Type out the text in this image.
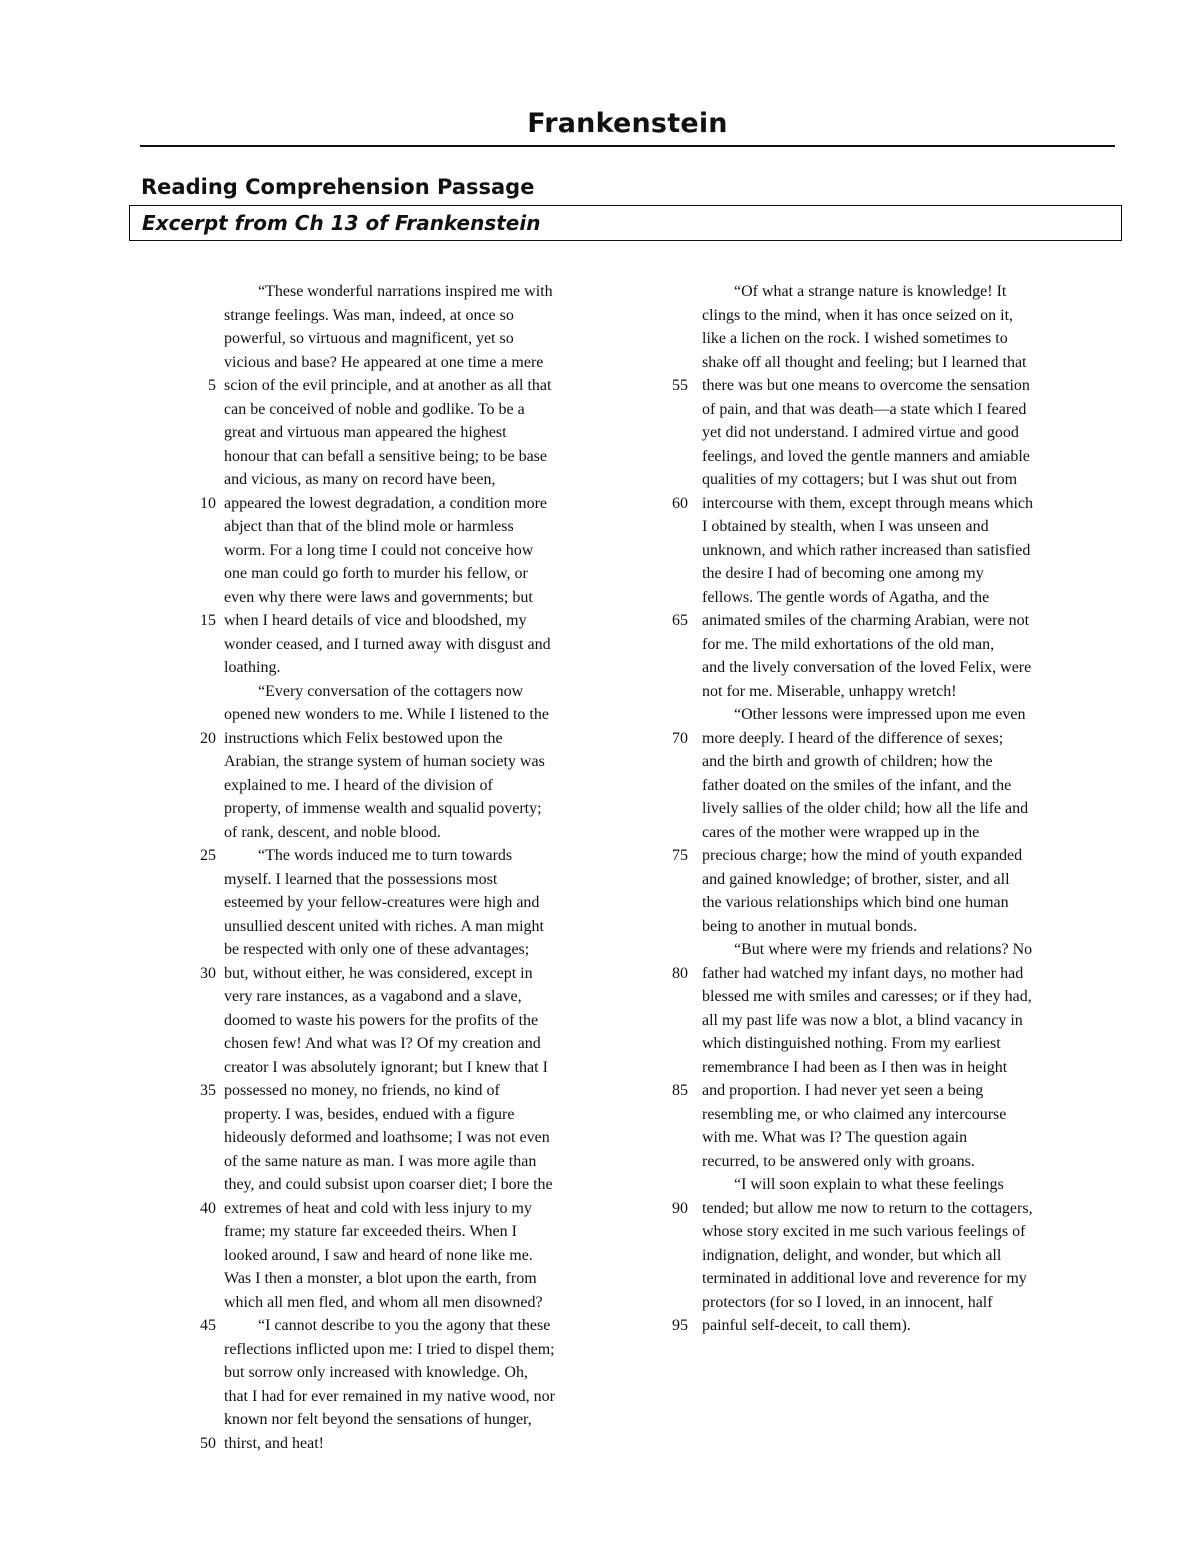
Frankenstein
Reading Comprehension Passage
Excerpt from Ch 13 of Frankenstein
“These wonderful narrations inspired me with
strange feelings. Was man, indeed, at once so
powerful, so virtuous and magnificent, yet so
vicious and base? He appeared at one time a mere
5 scion of the evil principle, and at another as all that
can be conceived of noble and godlike. To be a
great and virtuous man appeared the highest
honour that can befall a sensitive being; to be base
and vicious, as many on record have been,
10 appeared the lowest degradation, a condition more
abject than that of the blind mole or harmless
worm. For a long time I could not conceive how
one man could go forth to murder his fellow, or
even why there were laws and governments; but
15 when I heard details of vice and bloodshed, my
wonder ceased, and I turned away with disgust and
loathing.
“Every conversation of the cottagers now
opened new wonders to me. While I listened to the
20 instructions which Felix bestowed upon the
Arabian, the strange system of human society was
explained to me. I heard of the division of
property, of immense wealth and squalid poverty;
of rank, descent, and noble blood.
25	“The words induced me to turn towards
myself. I learned that the possessions most
esteemed by your fellow-creatures were high and
unsullied descent united with riches. A man might
be respected with only one of these advantages;
30 but, without either, he was considered, except in
very rare instances, as a vagabond and a slave,
doomed to waste his powers for the profits of the
chosen few! And what was I? Of my creation and
creator I was absolutely ignorant; but I knew that I
35 possessed no money, no friends, no kind of
property. I was, besides, endued with a figure
hideously deformed and loathsome; I was not even
of the same nature as man. I was more agile than
they, and could subsist upon coarser diet; I bore the
40 extremes of heat and cold with less injury to my
frame; my stature far exceeded theirs. When I
looked around, I saw and heard of none like me.
Was I then a monster, a blot upon the earth, from
which all men fled, and whom all men disowned?
45	“I cannot describe to you the agony that these
reflections inflicted upon me: I tried to dispel them;
but sorrow only increased with knowledge. Oh,
that I had for ever remained in my native wood, nor
known nor felt beyond the sensations of hunger,
50 thirst, and heat!
“Of what a strange nature is knowledge! It
clings to the mind, when it has once seized on it,
like a lichen on the rock. I wished sometimes to
shake off all thought and feeling; but I learned that
55 there was but one means to overcome the sensation
of pain, and that was death—a state which I feared
yet did not understand. I admired virtue and good
feelings, and loved the gentle manners and amiable
qualities of my cottagers; but I was shut out from
60 intercourse with them, except through means which
I obtained by stealth, when I was unseen and
unknown, and which rather increased than satisfied
the desire I had of becoming one among my
fellows. The gentle words of Agatha, and the
65 animated smiles of the charming Arabian, were not
for me. The mild exhortations of the old man,
and the lively conversation of the loved Felix, were
not for me. Miserable, unhappy wretch!
“Other lessons were impressed upon me even
70 more deeply. I heard of the difference of sexes;
and the birth and growth of children; how the
father doated on the smiles of the infant, and the
lively sallies of the older child; how all the life and
cares of the mother were wrapped up in the
75 precious charge; how the mind of youth expanded
and gained knowledge; of brother, sister, and all
the various relationships which bind one human
being to another in mutual bonds.
“But where were my friends and relations? No
80 father had watched my infant days, no mother had
blessed me with smiles and caresses; or if they had,
all my past life was now a blot, a blind vacancy in
which distinguished nothing. From my earliest
remembrance I had been as I then was in height
85 and proportion. I had never yet seen a being
resembling me, or who claimed any intercourse
with me. What was I? The question again
recurred, to be answered only with groans.
“I will soon explain to what these feelings
90 tended; but allow me now to return to the cottagers,
whose story excited in me such various feelings of
indignation, delight, and wonder, but which all
terminated in additional love and reverence for my
protectors (for so I loved, in an innocent, half
95 painful self-deceit, to call them).
